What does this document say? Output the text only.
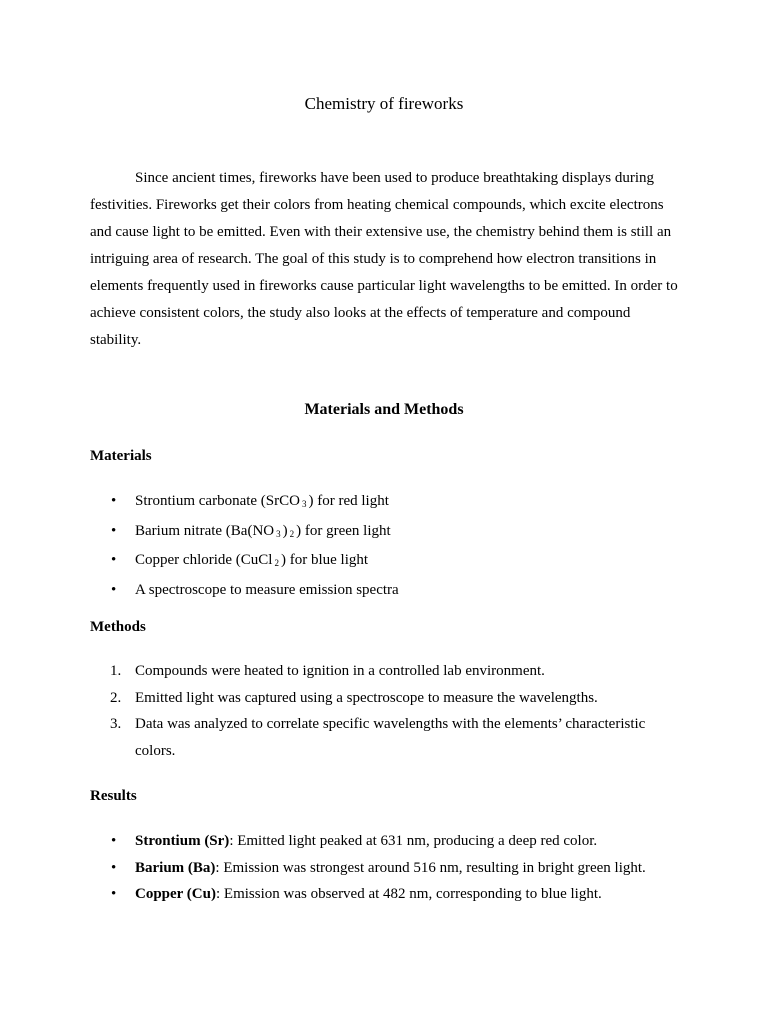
Chemistry of fireworks

Since ancient times, fireworks have been used to produce breathtaking displays during festivities. Fireworks get their colors from heating chemical compounds, which excite electrons and cause light to be emitted. Even with their extensive use, the chemistry behind them is still an intriguing area of research. The goal of this study is to comprehend how electron transitions in elements frequently used in fireworks cause particular light wavelengths to be emitted. In order to achieve consistent colors, the study also looks at the effects of temperature and compound stability.

Materials and Methods
Materials
• Strontium carbonate (SrCO $_3$ ) for red light
• Barium nitrate (Ba(NO $_3$ ) $_2$ ) for green light
• Copper chloride (CuCl $_2$ ) for blue light
• A spectroscope to measure emission spectra
Methods
1. Compounds were heated to ignition in a controlled lab environment.
2. Emitted light was captured using a spectroscope to measure the wavelengths.
3. Data was analyzed to correlate specific wavelengths with the elements’ characteristic colors.
Results
• Strontium (Sr): Emitted light peaked at 631 nm, producing a deep red color.
• Barium (Ba): Emission was strongest around 516 nm, resulting in bright green light.
• Copper (Cu): Emission was observed at 482 nm, corresponding to blue light.
